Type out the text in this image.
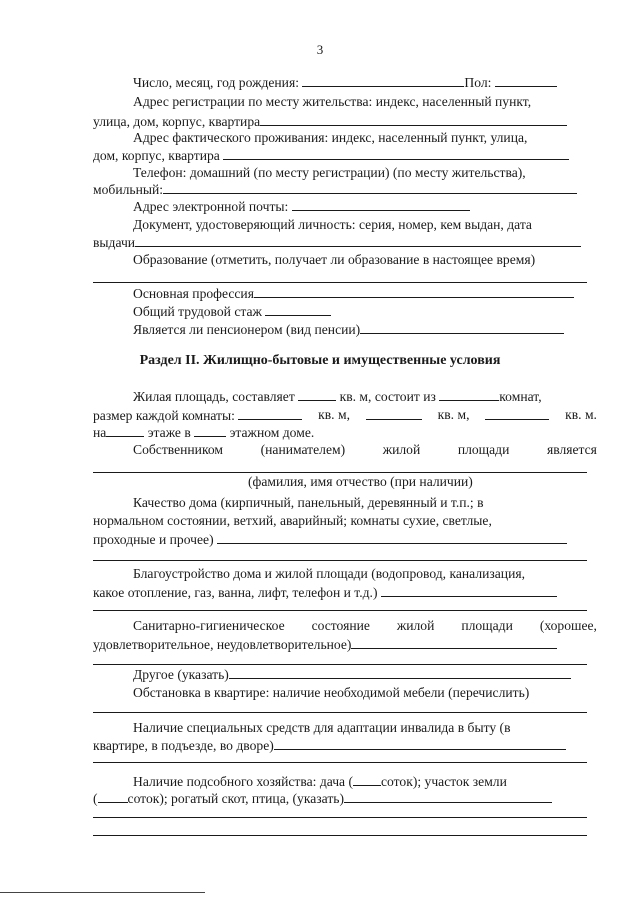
3
Число, месяц, год рождения:	Пол:
Адрес регистрации по месту жительства: индекс, населенный пункт,
улица, дом, корпус, квартира
Адрес фактического проживания: индекс, населенный пункт, улица,
дом, корпус, квартира
Телефон: домашний (по месту регистрации) (по месту жительства),
мобильный:
Адрес электронной почты:
Документ, удостоверяющий личность: серия, номер, кем выдан, дата
выдачи
Образование (отметить, получает ли образование в настоящее время)
Основная профессия
Общий трудовой стаж
Является ли пенсионером (вид пенсии)
Раздел II. Жилищно-бытовые и имущественные условия
Жилая площадь, составляет	кв. м, состоит из	комнат,
размер каждой комнаты:	кв. м,	кв. м,	кв. м.
на	этаже в	этажном доме.
Собственником	(нанимателем)	жилой	площади	является
(фамилия, имя отчество (при наличии)
Качество дома (кирпичный, панельный, деревянный и т.п.; в
нормальном состоянии, ветхий, аварийный; комнаты сухие, светлые,
проходные и прочее)
Благоустройство дома и жилой площади (водопровод, канализация,
какое отопление, газ, ванна, лифт, телефон и т.д.)
Санитарно-гигиеническое состояние жилой площади (хорошее,
удовлетворительное, неудовлетворительное)
Другое (указать)
Обстановка в квартире: наличие необходимой мебели (перечислить)
Наличие специальных средств для адаптации инвалида в быту (в
квартире, в подъезде, во дворе)
Наличие подсобного хозяйства: дача ( соток); участок земли
( соток); рогатый скот, птица, (указать)
